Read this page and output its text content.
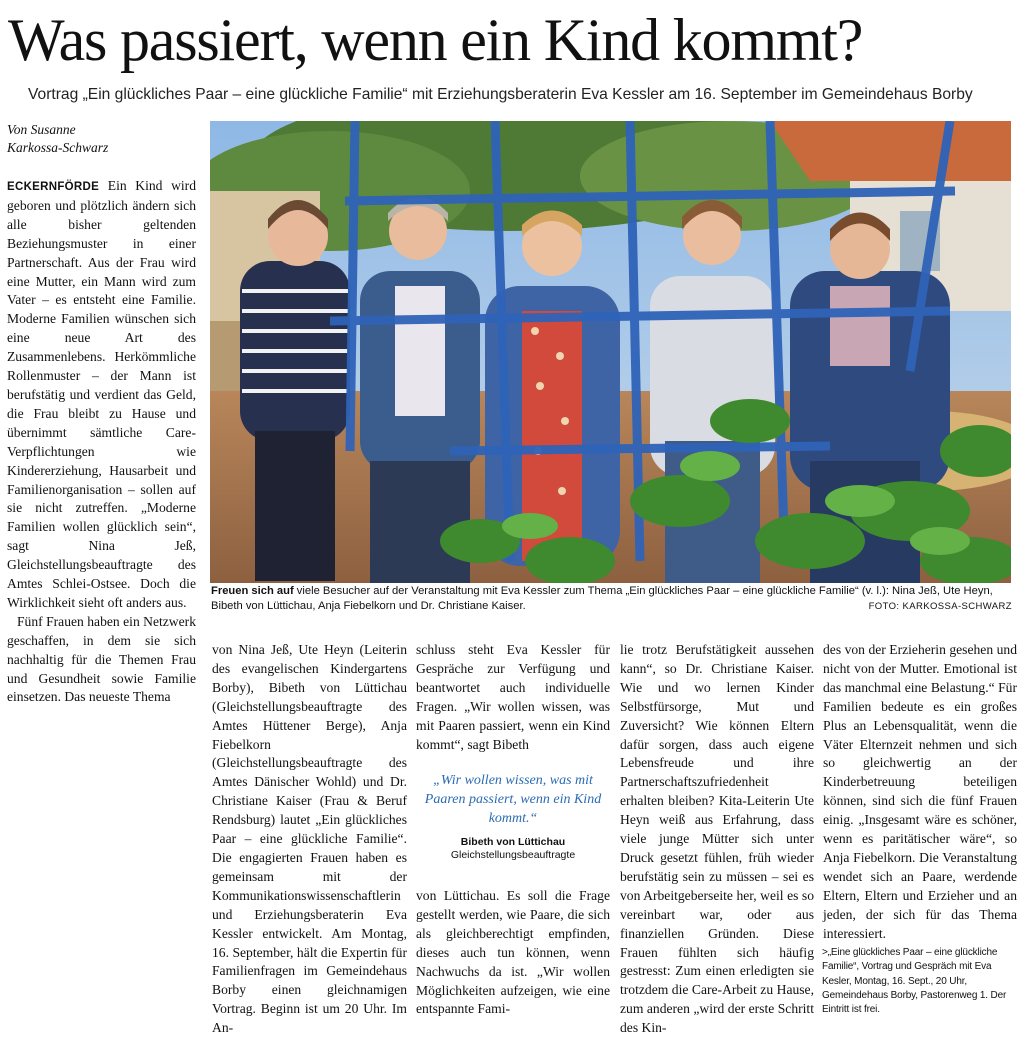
Was passiert, wenn ein Kind kommt?

Vortrag „Ein glückliches Paar – eine glückliche Familie“ mit Erziehungsberaterin Eva Kessler am 16. September im Gemeindehaus Borby

Von Susanne
Karkossa-Schwarz

ECKERNFÖRDE Ein Kind wird geboren und plötzlich ändern sich alle bisher geltenden Beziehungsmuster in einer Partnerschaft. Aus der Frau wird eine Mutter, ein Mann wird zum Vater – es entsteht eine Familie. Moderne Familien wünschen sich eine neue Art des Zusammenlebens. Herkömmliche Rollenmuster – der Mann ist berufstätig und verdient das Geld, die Frau bleibt zu Hause und übernimmt sämtliche Care-Verpflichtungen wie Kindererziehung, Hausarbeit und Familienorganisation – sollen auf sie nicht zutreffen. „Moderne Familien wollen glücklich sein“, sagt Nina Jeß, Gleichstellungsbeauftragte des Amtes Schlei-Ostsee. Doch die Wirklichkeit sieht oft anders aus.

Fünf Frauen haben ein Netzwerk geschaffen, in dem sie sich nachhaltig für die Themen Frau und Gesundheit sowie Familie einsetzen. Das neueste Thema

Freuen sich auf viele Besucher auf der Veranstaltung mit Eva Kessler zum Thema „Ein glückliches Paar – eine glückliche Familie“ (v. l.): Nina Jeß, Ute Heyn, Bibeth von Lüttichau, Anja Fiebelkorn und Dr. Christiane Kaiser.	FOTO: KARKOSSA-SCHWARZ

von Nina Jeß, Ute Heyn (Leiterin des evangelischen Kindergartens Borby), Bibeth von Lüttichau (Gleichstellungsbeauftragte des Amtes Hüttener Berge), Anja Fiebelkorn (Gleichstellungsbeauftragte des Amtes Dänischer Wohld) und Dr. Christiane Kaiser (Frau & Beruf Rendsburg) lautet „Ein glückliches Paar – eine glückliche Familie“. Die engagierten Frauen haben es gemeinsam mit der Kommunikationswissenschaftlerin und Erziehungsberaterin Eva Kessler entwickelt. Am Montag, 16. September, hält die Expertin für Familienfragen im Gemeindehaus Borby einen gleichnamigen Vortrag. Beginn ist um 20 Uhr. Im An-

schluss steht Eva Kessler für Gespräche zur Verfügung und beantwortet auch individuelle Fragen. „Wir wollen wissen, was mit Paaren passiert, wenn ein Kind kommt“, sagt Bibeth

„Wir wollen wissen, was mit Paaren passiert, wenn ein Kind kommt.“

Bibeth von Lüttichau

Gleichstellungsbeauftragte

von Lüttichau. Es soll die Frage gestellt werden, wie Paare, die sich als gleichberechtigt empfinden, dieses auch tun können, wenn Nachwuchs da ist. „Wir wollen Möglichkeiten aufzeigen, wie eine entspannte Fami-

lie trotz Berufstätigkeit aussehen kann“, so Dr. Christiane Kaiser. Wie und wo lernen Kinder Selbstfürsorge, Mut und Zuversicht? Wie können Eltern dafür sorgen, dass auch eigene Lebensfreude und ihre Partnerschaftszufriedenheit erhalten bleiben? Kita-Leiterin Ute Heyn weiß aus Erfahrung, dass viele junge Mütter sich unter Druck gesetzt fühlen, früh wieder berufstätig sein zu müssen – sei es von Arbeitgeberseite her, weil es so vereinbart war, oder aus finanziellen Gründen. Diese Frauen fühlten sich häufig gestresst: Zum einen erledigten sie trotzdem die Care-Arbeit zu Hause, zum anderen „wird der erste Schritt des Kin-

des von der Erzieherin gesehen und nicht von der Mutter. Emotional ist das manchmal eine Belastung.“ Für Familien bedeute es ein großes Plus an Lebensqualität, wenn die Väter Elternzeit nehmen und sich so gleichwertig an der Kinderbetreuung beteiligen können, sind sich die fünf Frauen einig. „Insgesamt wäre es schöner, wenn es paritätischer wäre“, so Anja Fiebelkorn. Die Veranstaltung wendet sich an Paare, werdende Eltern, Eltern und Erzieher und an jeden, der sich für das Thema interessiert.

>„Eine glückliches Paar – eine glückliche Familie“, Vortrag und Gespräch mit Eva Kesler, Montag, 16. Sept., 20 Uhr, Gemeindehaus Borby, Pastorenweg 1. Der Eintritt ist frei.
